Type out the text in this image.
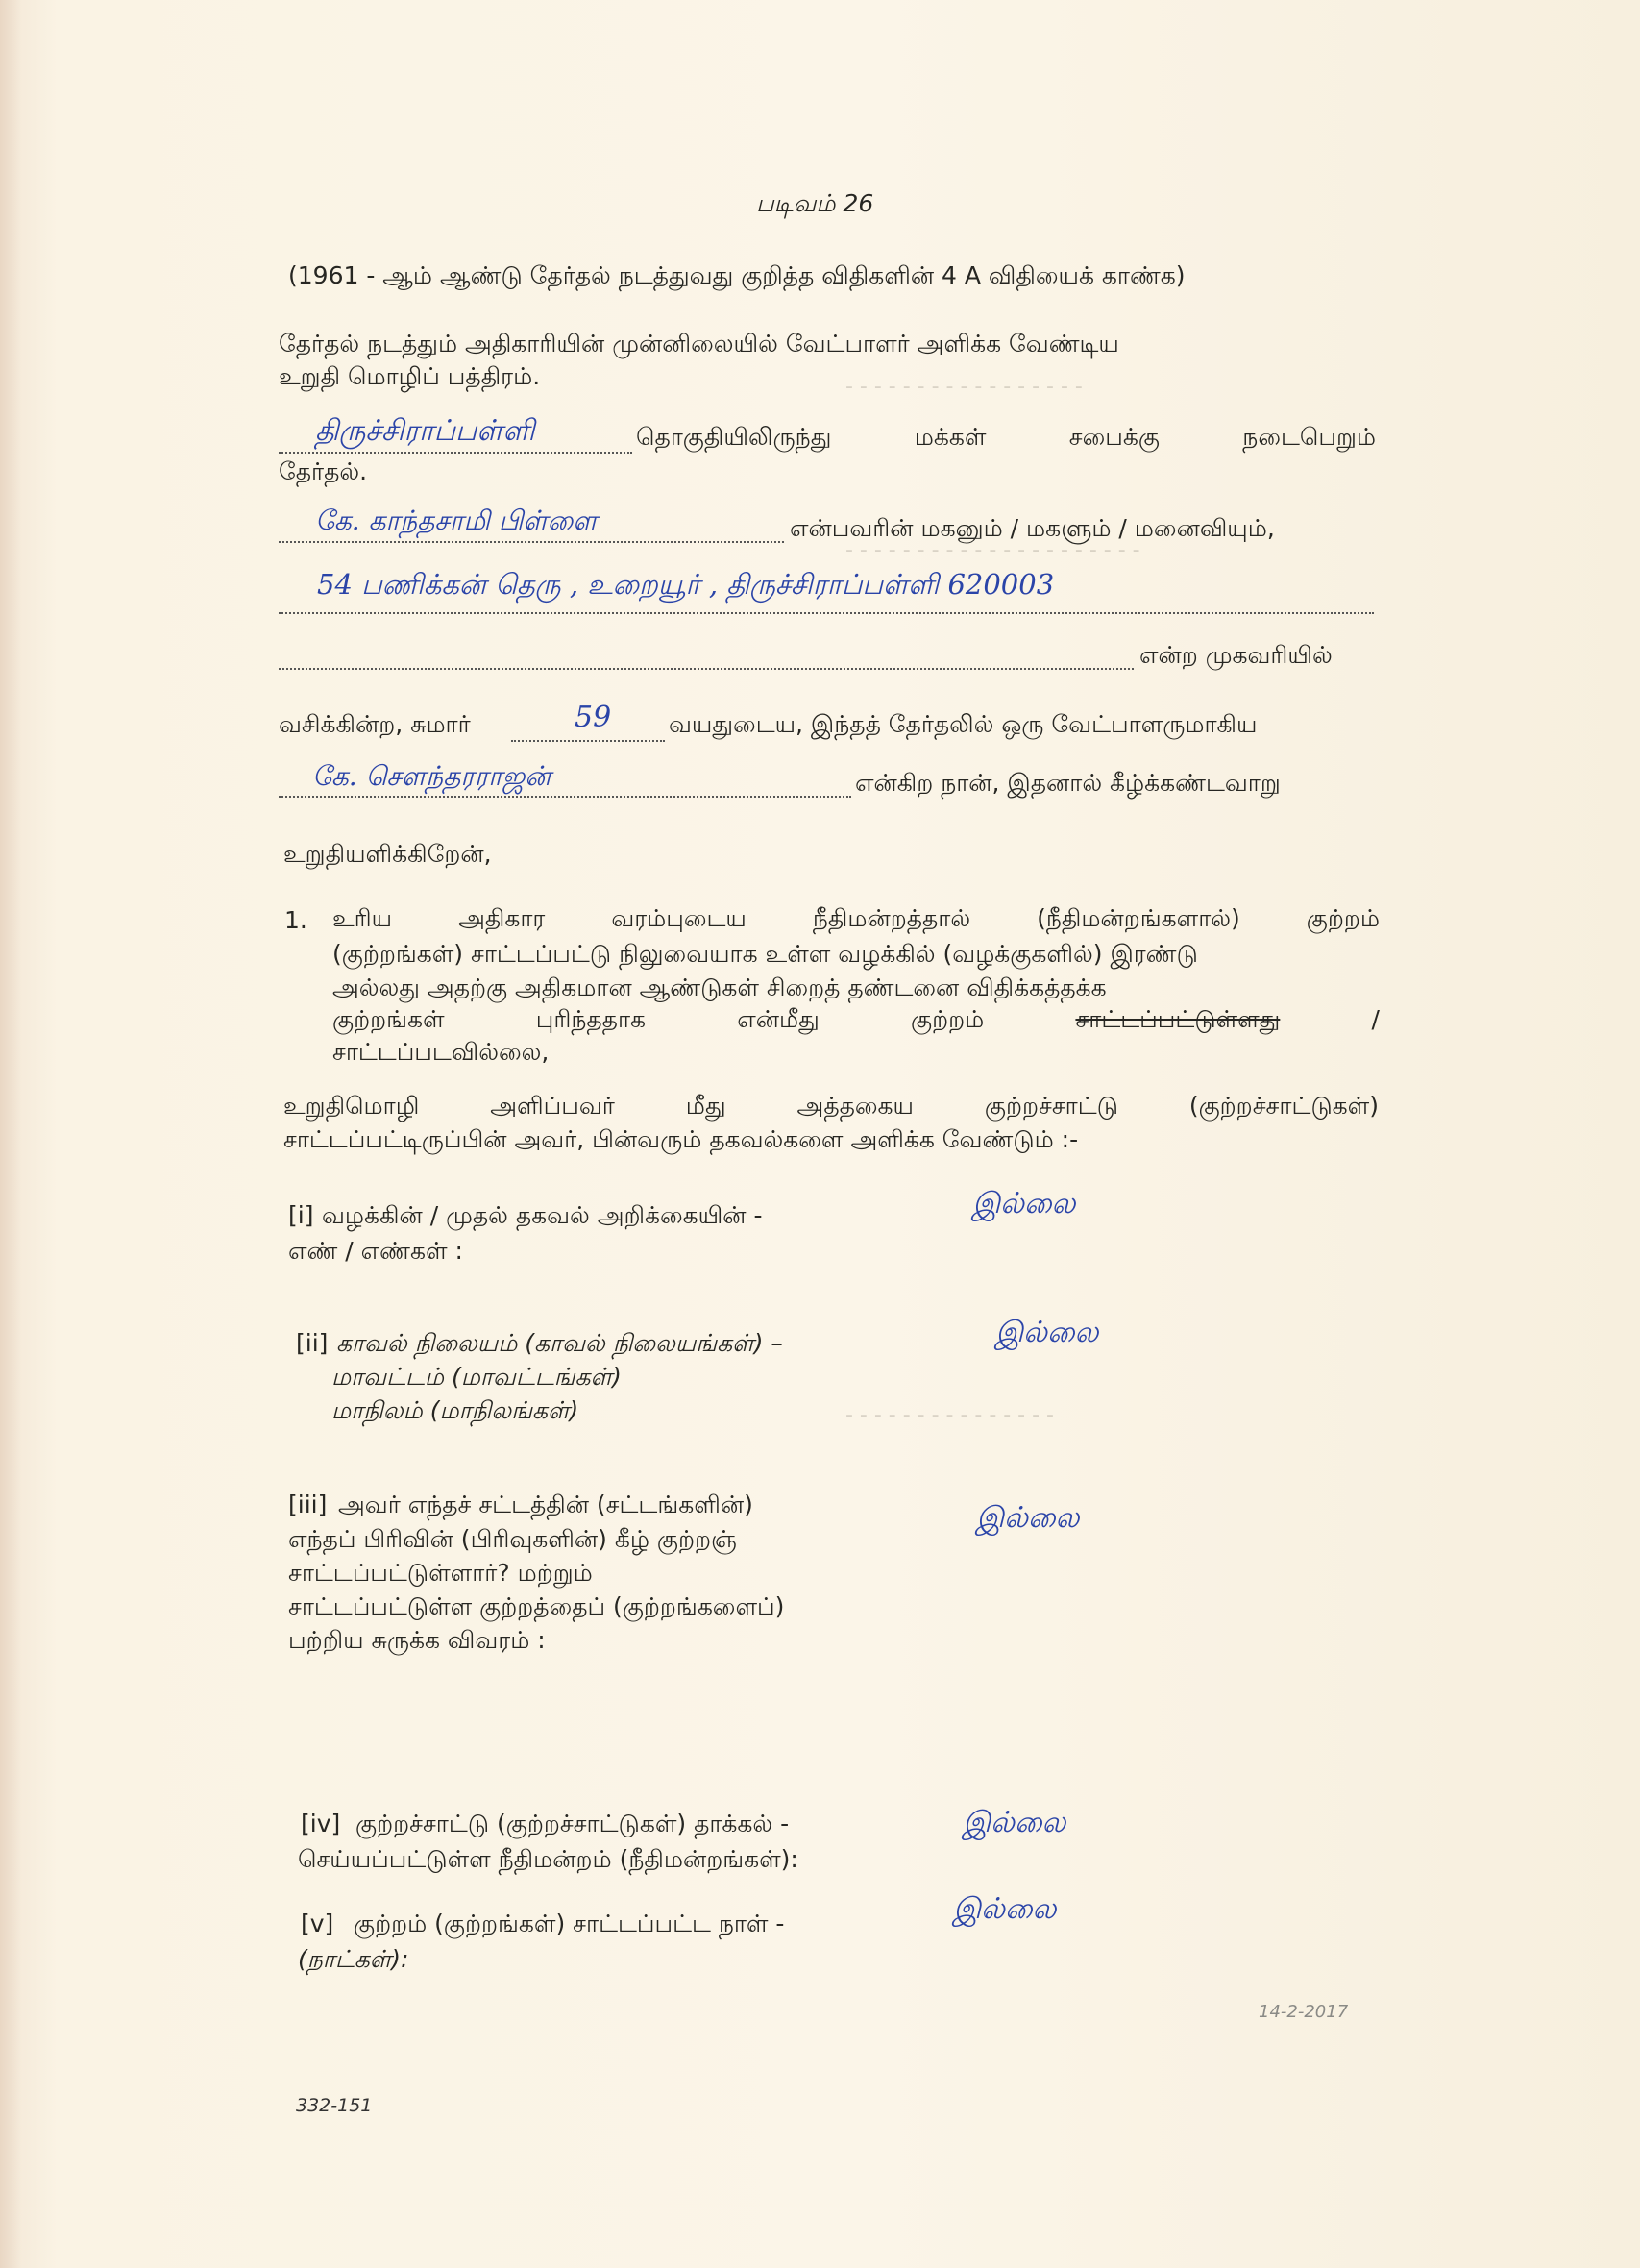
- - - - - - - - - - - - - - - - -
- - - - - - - - - - - - - - - - - - - - -
- - - - - - - - - - - - - - -
படிவம் 26
(1961 - ஆம் ஆண்டு தேர்தல் நடத்துவது குறித்த விதிகளின் 4 A விதியைக் காண்க)
தேர்தல் நடத்தும் அதிகாரியின் முன்னிலையில் வேட்பாளர் அளிக்க வேண்டிய
உறுதி மொழிப் பத்திரம்.
திருச்சிராப்பள்ளி	தொகுதியிலிருந்து	மக்கள்	சபைக்கு	நடைபெறும்
தேர்தல்.
கே. காந்தசாமி பிள்ளை	என்பவரின் மகனும் / மகளும் / மனைவியும்,
54 பணிக்கன் தெரு , உறையூர் , திருச்சிராப்பள்ளி 620003
என்ற முகவரியில்
வசிக்கின்ற, சுமார்	59 வயதுடைய, இந்தத் தேர்தலில் ஒரு வேட்பாளருமாகிய
கே. சௌந்தரராஜன்	என்கிற நான், இதனால் கீழ்க்கண்டவாறு
உறுதியளிக்கிறேன்,
1. உரிய	அதிகார	வரம்புடைய	நீதிமன்றத்தால்	(நீதிமன்றங்களால்)	குற்றம்
(குற்றங்கள்) சாட்டப்பட்டு நிலுவையாக உள்ள வழக்கில் (வழக்குகளில்) இரண்டு
அல்லது அதற்கு அதிகமான ஆண்டுகள் சிறைத் தண்டனை விதிக்கத்தக்க
குற்றங்கள்	புரிந்ததாக	என்மீது	குற்றம்	சாட்டப்பட்டுள்ளது	/
சாட்டப்படவில்லை,
உறுதிமொழி	அளிப்பவர்	மீது	அத்தகைய	குற்றச்சாட்டு	(குற்றச்சாட்டுகள்)
சாட்டப்பட்டிருப்பின் அவர், பின்வரும் தகவல்களை அளிக்க வேண்டும் :-
[i] வழக்கின் / முதல் தகவல் அறிக்கையின் -
எண் / எண்கள் :
இல்லை
[ii] காவல் நிலையம் (காவல் நிலையங்கள்) –
மாவட்டம் (மாவட்டங்கள்)
மாநிலம் (மாநிலங்கள்)
இல்லை
[iii] அவர் எந்தச் சட்டத்தின் (சட்டங்களின்)
எந்தப் பிரிவின் (பிரிவுகளின்) கீழ் குற்றஞ்
சாட்டப்பட்டுள்ளார்? மற்றும்
சாட்டப்பட்டுள்ள குற்றத்தைப் (குற்றங்களைப்)
பற்றிய சுருக்க விவரம் :
இல்லை
[iv] குற்றச்சாட்டு (குற்றச்சாட்டுகள்) தாக்கல் -
செய்யப்பட்டுள்ள நீதிமன்றம் (நீதிமன்றங்கள்):
இல்லை
[v] குற்றம் (குற்றங்கள்) சாட்டப்பட்ட நாள் -
(நாட்கள்):
இல்லை
14-2-2017
332-151
